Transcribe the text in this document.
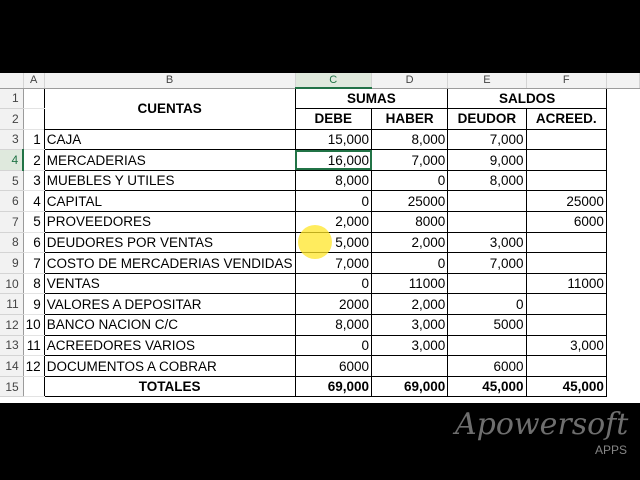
	A	B	C	D	E	F	
1		CUENTAS	SUMAS		SALDOS		
2			DEBE	HABER	DEUDOR	ACREED.	
3	1	CAJA	15,000	8,000	7,000		
4	2	MERCADERIAS	16,000	7,000	9,000		
5	3	MUEBLES Y UTILES	8,000	0	8,000		
6	4	CAPITAL	0	25000		25000	
7	5	PROVEEDORES	2,000	8000		6000	
8	6	DEUDORES POR VENTAS	5,000	2,000	3,000		
9	7	COSTO DE MERCADERIAS VENDIDAS	7,000	0	7,000		
10	8	VENTAS	0	11000		11000	
11	9	VALORES A DEPOSITAR	2000	2,000	0		
12	10	BANCO NACION C/C	8,000	3,000	5000		
13	11	ACREEDORES VARIOS	0	3,000		3,000	
14	12	DOCUMENTOS A COBRAR	6000		6000		
15		TOTALES	69,000	69,000	45,000	45,000	
Apowersoft
APPS
